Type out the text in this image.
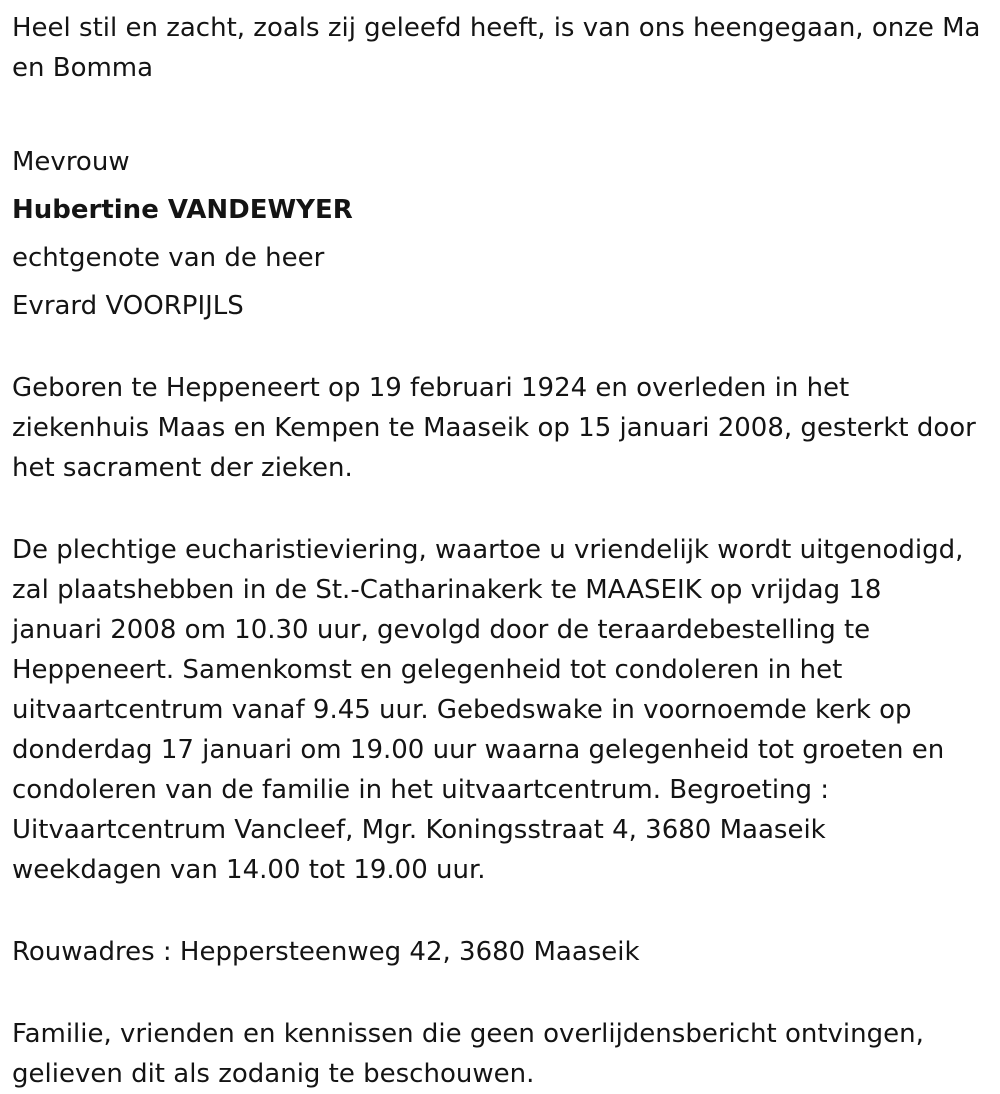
Heel stil en zacht, zoals zij geleefd heeft, is van ons heengegaan, onze Ma
en Bomma
Mevrouw
Hubertine VANDEWYER
echtgenote van de heer
Evrard VOORPIJLS
Geboren te Heppeneert op 19 februari 1924 en overleden in het
ziekenhuis Maas en Kempen te Maaseik op 15 januari 2008, gesterkt door
het sacrament der zieken.
De plechtige eucharistieviering, waartoe u vriendelijk wordt uitgenodigd,
zal plaatshebben in de St.-Catharinakerk te MAASEIK op vrijdag 18
januari 2008 om 10.30 uur, gevolgd door de teraardebestelling te
Heppeneert. Samenkomst en gelegenheid tot condoleren in het
uitvaartcentrum vanaf 9.45 uur. Gebedswake in voornoemde kerk op
donderdag 17 januari om 19.00 uur waarna gelegenheid tot groeten en
condoleren van de familie in het uitvaartcentrum. Begroeting :
Uitvaartcentrum Vancleef, Mgr. Koningsstraat 4, 3680 Maaseik
weekdagen van 14.00 tot 19.00 uur.
Rouwadres : Heppersteenweg 42, 3680 Maaseik
Familie, vrienden en kennissen die geen overlijdensbericht ontvingen,
gelieven dit als zodanig te beschouwen.
